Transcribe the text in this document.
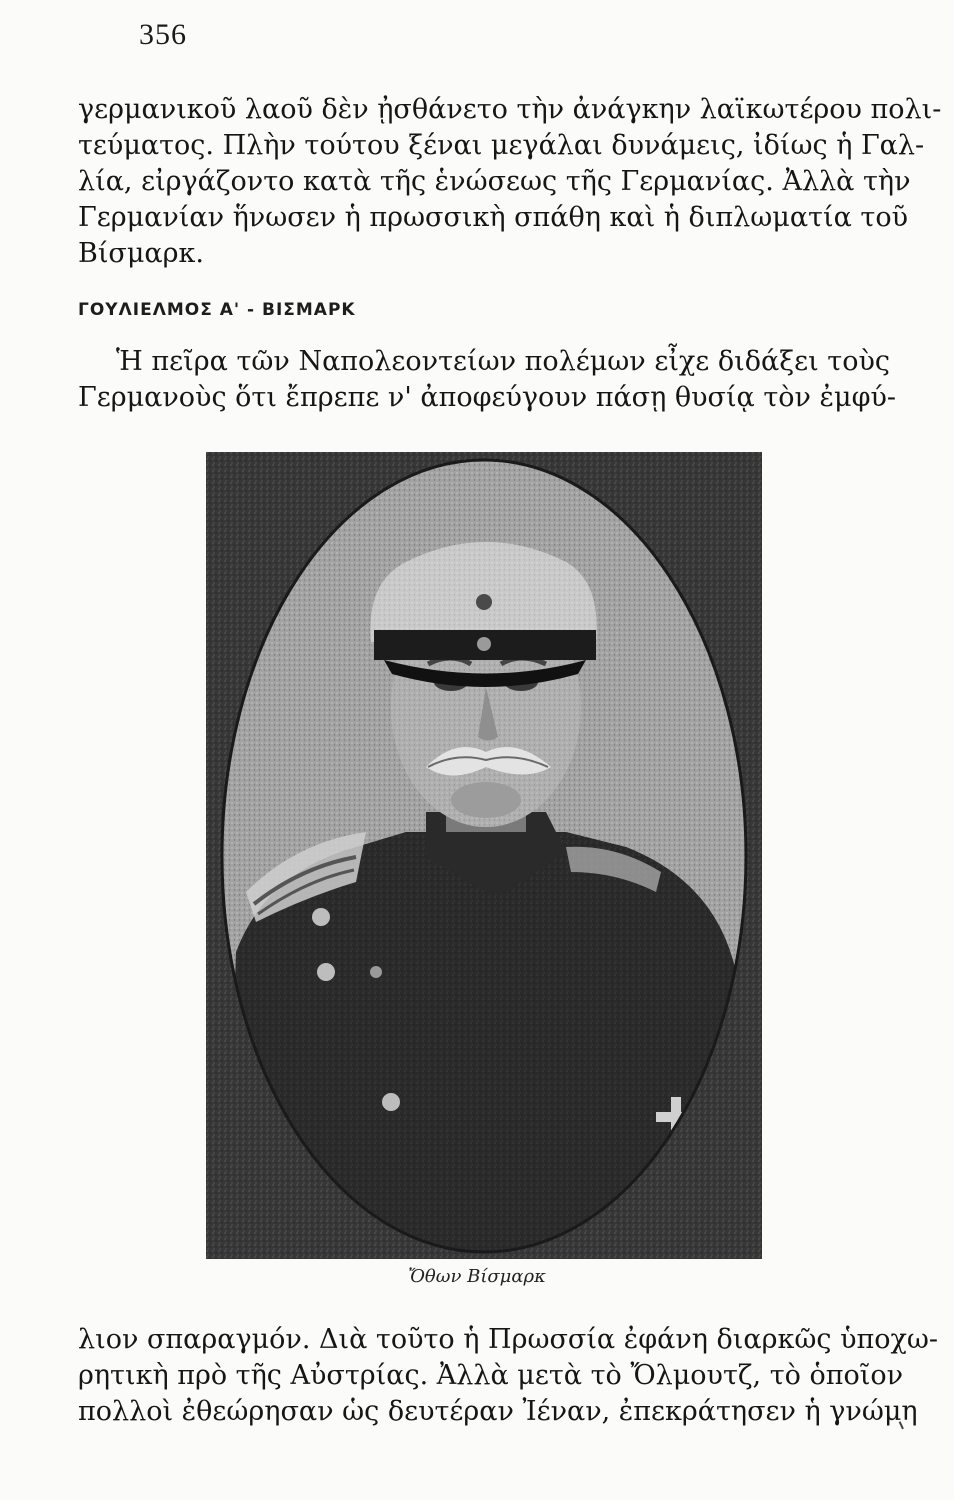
356
γερμανικοῦ λαοῦ δὲν ᾐσθάνετο τὴν ἀνάγκην λαϊκωτέρου πολι-
τεύματος. Πλὴν τούτου ξέναι μεγάλαι δυνάμεις, ἰδίως ἡ Γαλ-
λία, εἰργάζοντο κατὰ τῆς ἑνώσεως τῆς Γερμανίας. Ἀλλὰ τὴν
Γερμανίαν ἥνωσεν ἡ πρωσσικὴ σπάθη καὶ ἡ διπλωματία τοῦ
Βίσμαρκ.
ΓΟΥΛΙΕΛΜΟΣ Α' - ΒΙΣΜΑΡΚ
Ἡ πεῖρα τῶν Ναπολεοντείων πολέμων εἶχε διδάξει τοὺς
Γερμανοὺς ὅτι ἔπρεπε ν' ἀποφεύγουν πάσῃ θυσίᾳ τὸν ἐμφύ-
Ὄθων Βίσμαρκ
λιον σπαραγμόν. Διὰ τοῦτο ἡ Πρωσσία ἐφάνη διαρκῶς ὑποχω-
ρητικὴ πρὸ τῆς Αὐστρίας. Ἀλλὰ μετὰ τὸ Ὄλμουτζ, τὸ ὁποῖον
πολλοὶ ἐθεώρησαν ὡς δευτέραν Ἰέναν, ἐπεκράτησεν ἡ γνώμη
